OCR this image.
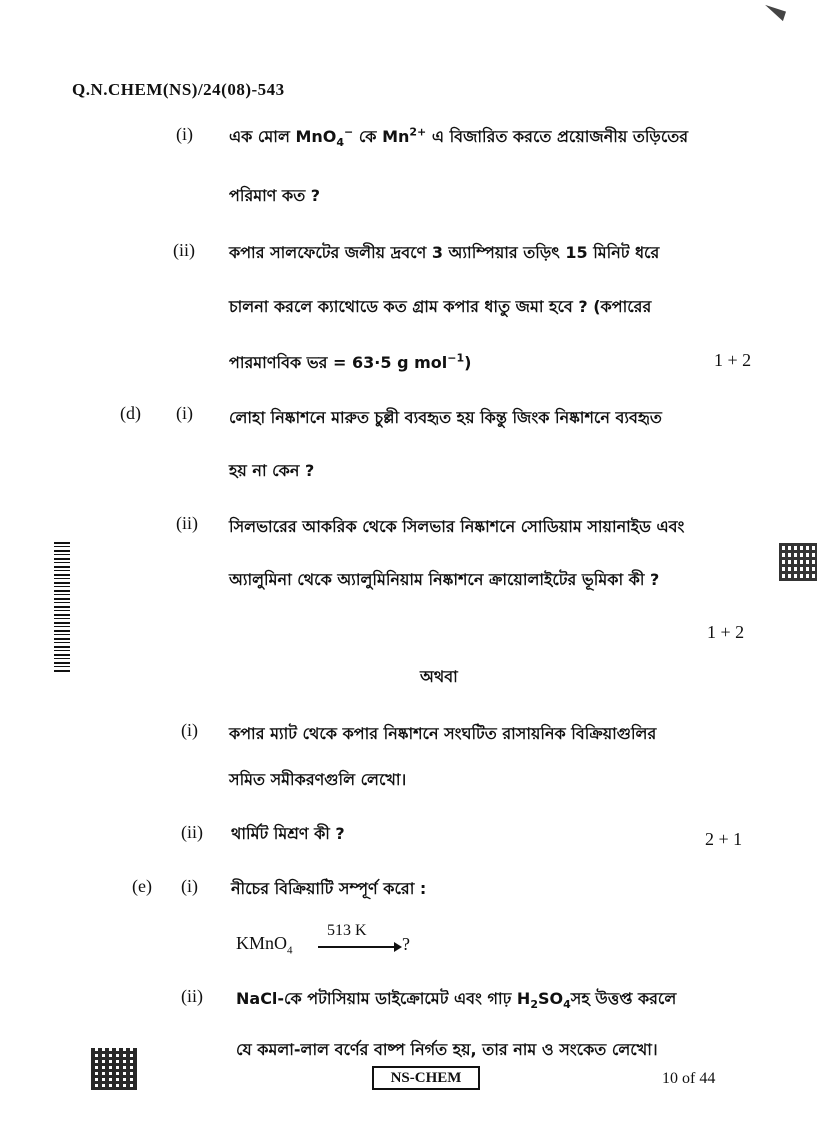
Q.N.CHEM(NS)/24(08)-543
(i) এক মোল MnO$_4$− কে $Mn^{2+}$ এ বিজারিত করতে প্রয়োজনীয় তড়িতের
পরিমাণ কত ?
(ii) কপার সালফেটের জলীয় দ্রবণে 3 অ্যাম্পিয়ার তড়িৎ 15 মিনিট ধরে
চালনা করলে ক্যাথোডে কত গ্রাম কপার ধাতু জমা হবে ? (কপারের
পারমাণবিক ভর = 63·5 g mol$^{-1}$)	1 + 2
(d) (i) লোহা নিষ্কাশনে মারুত চুল্লী ব্যবহৃত হয় কিন্তু জিংক নিষ্কাশনে ব্যবহৃত
হয় না কেন ?
(ii) সিলভারের আকরিক থেকে সিলভার নিষ্কাশনে সোডিয়াম সায়ানাইড এবং
অ্যালুমিনা থেকে অ্যালুমিনিয়াম নিষ্কাশনে ক্রায়োলাইটের ভূমিকা কী ?
1 + 2
অথবা
(i) কপার ম্যাট থেকে কপার নিষ্কাশনে সংঘটিত রাসায়নিক বিক্রিয়াগুলির
সমিত সমীকরণগুলি লেখো।
(ii) থার্মিট মিশ্রণ কী ?	2 + 1
(e) (i) নীচের বিক্রিয়াটি সম্পূর্ণ করো :
KMnO$_4$
513 K
?
(ii) NaCl-কে পটাসিয়াম ডাইক্রোমেট এবং গাঢ় $H_2SO_4সহ$ উত্তপ্ত করলে
যে কমলা-লাল বর্ণের বাষ্প নির্গত হয়, তার নাম ও সংকেত লেখো।
NS-CHEM	10 of 44
